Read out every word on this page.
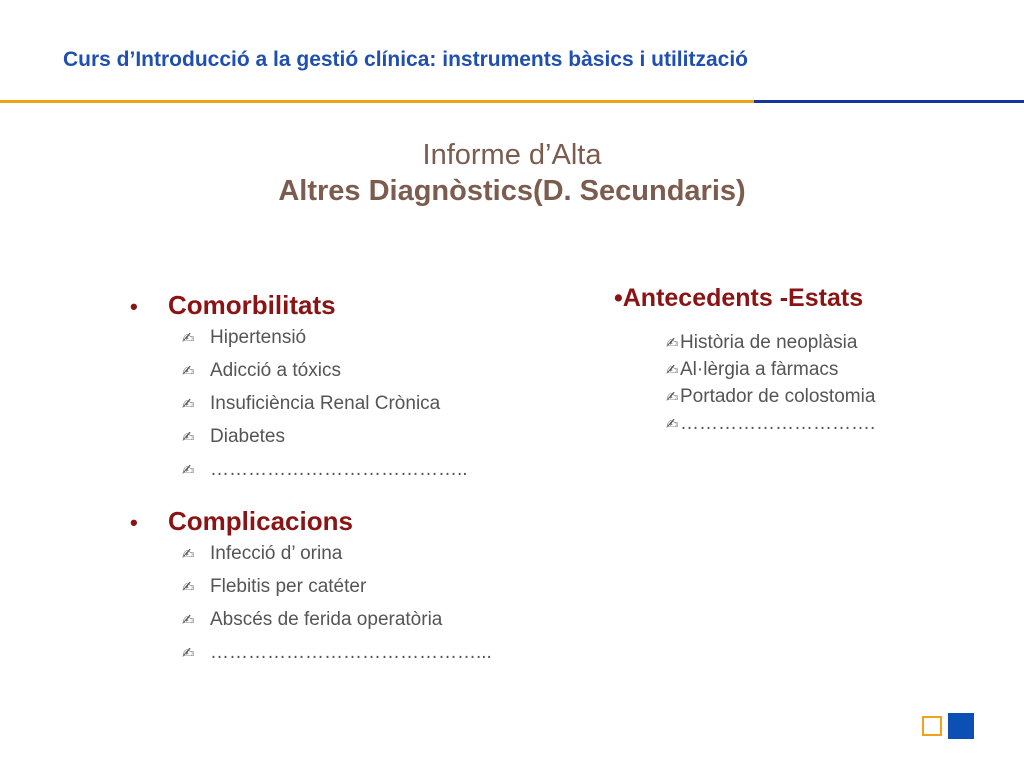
Curs d’Introducció a la gestió clínica: instruments bàsics i utilització
Informe d’Alta
Altres Diagnòstics(D. Secundaris)
•	Comorbilitats
✍ Hipertensió
✍ Adicció a tóxics
✍ Insuficiència Renal Crònica
✍ Diabetes
✍ …………………………………..
•	Complicacions
✍ Infecció d’ orina
✍ Flebitis per catéter
✍ Abscés de ferida operatòria
✍ ……………………………………...
•Antecedents -Estats
✍ Història de neoplàsia
✍ Al·lèrgia a fàrmacs
✍ Portador de colostomia
✍ ………………………….
